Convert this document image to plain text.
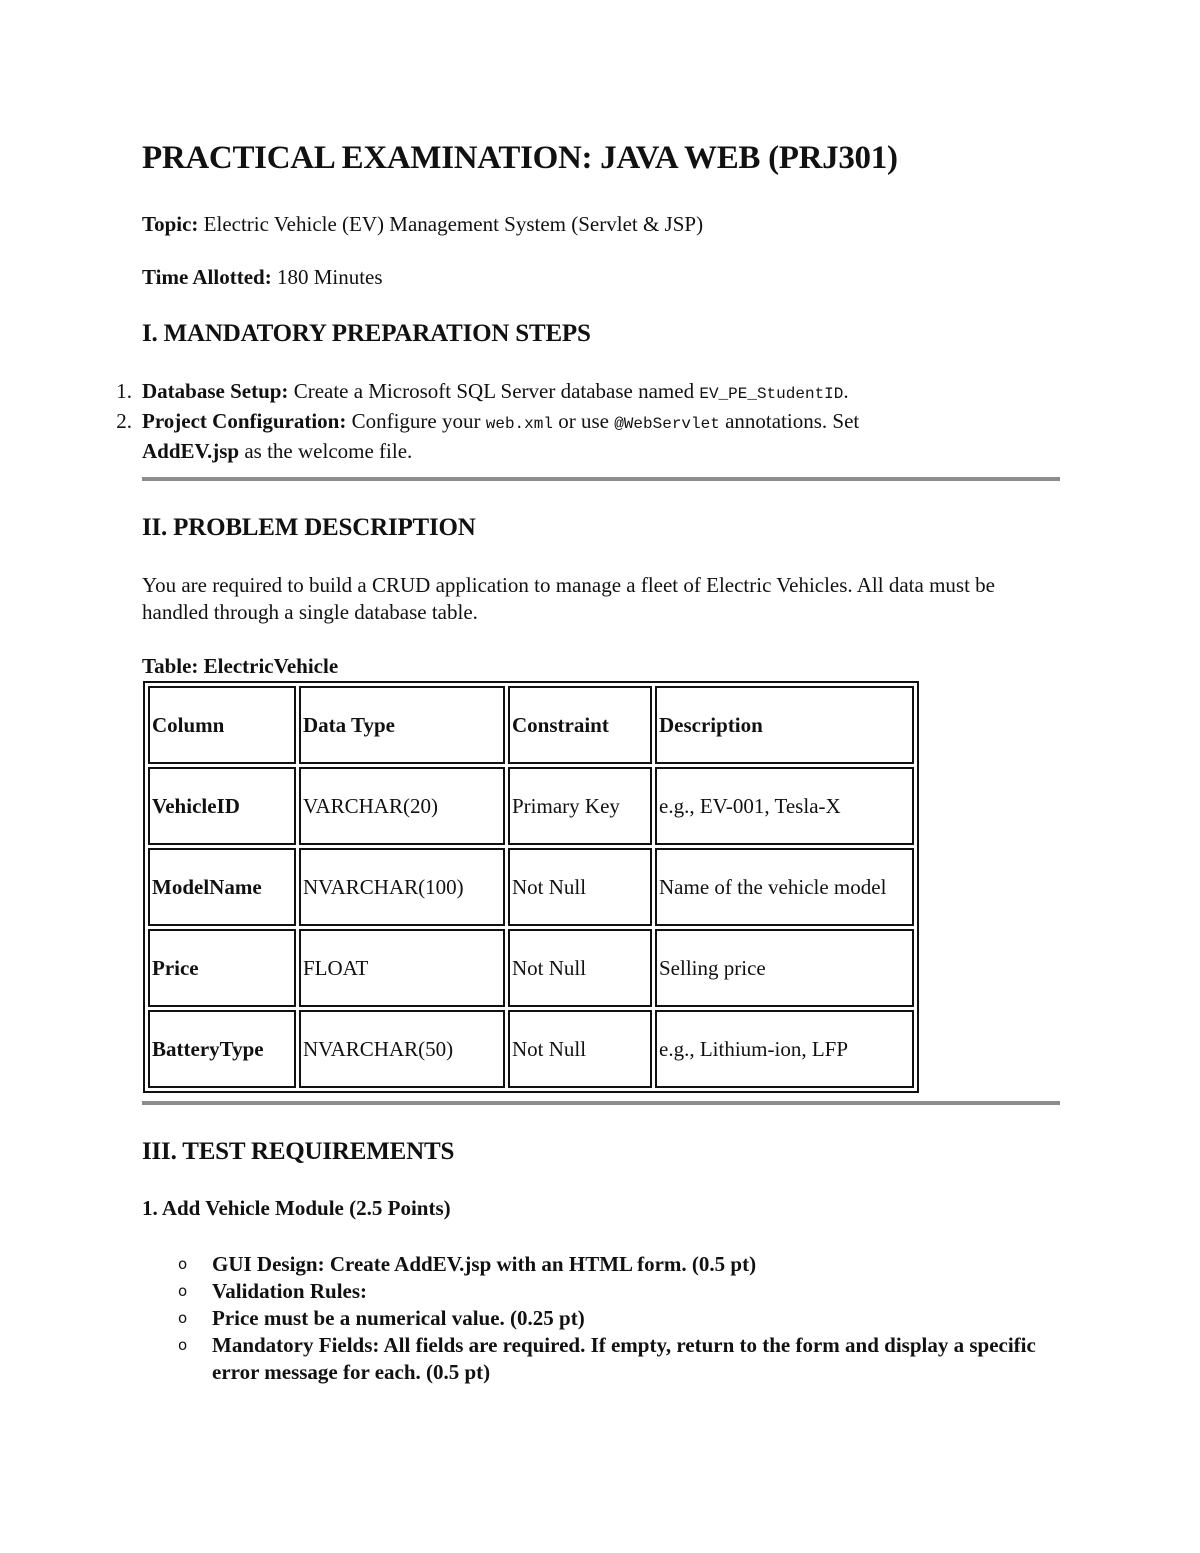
PRACTICAL EXAMINATION: JAVA WEB (PRJ301)

Topic: Electric Vehicle (EV) Management System (Servlet & JSP)

Time Allotted: 180 Minutes

I. MANDATORY PREPARATION STEPS
1. Database Setup: Create a Microsoft SQL Server database named EV_PE_StudentID.
2. Project Configuration: Configure your web.xml or use @WebServlet annotations. Set
AddEV.jsp as the welcome file.
II. PROBLEM DESCRIPTION

You are required to build a CRUD application to manage a fleet of Electric Vehicles. All data must be handled through a single database table.

Table: ElectricVehicle

Column	Data Type	Constraint	Description
VehicleID	VARCHAR(20)	Primary Key	e.g., EV-001, Tesla-X
ModelName	NVARCHAR(100)	Not Null	Name of the vehicle model
Price	FLOAT	Not Null	Selling price
BatteryType	NVARCHAR(50)	Not Null	e.g., Lithium-ion, LFP
III. TEST REQUIREMENTS

1. Add Vehicle Module (2.5 Points)

o GUI Design: Create AddEV.jsp with an HTML form. (0.5 pt)
o Validation Rules:
o Price must be a numerical value. (0.25 pt)
o Mandatory Fields: All fields are required. If empty, return to the form and display a specific error message for each. (0.5 pt)
